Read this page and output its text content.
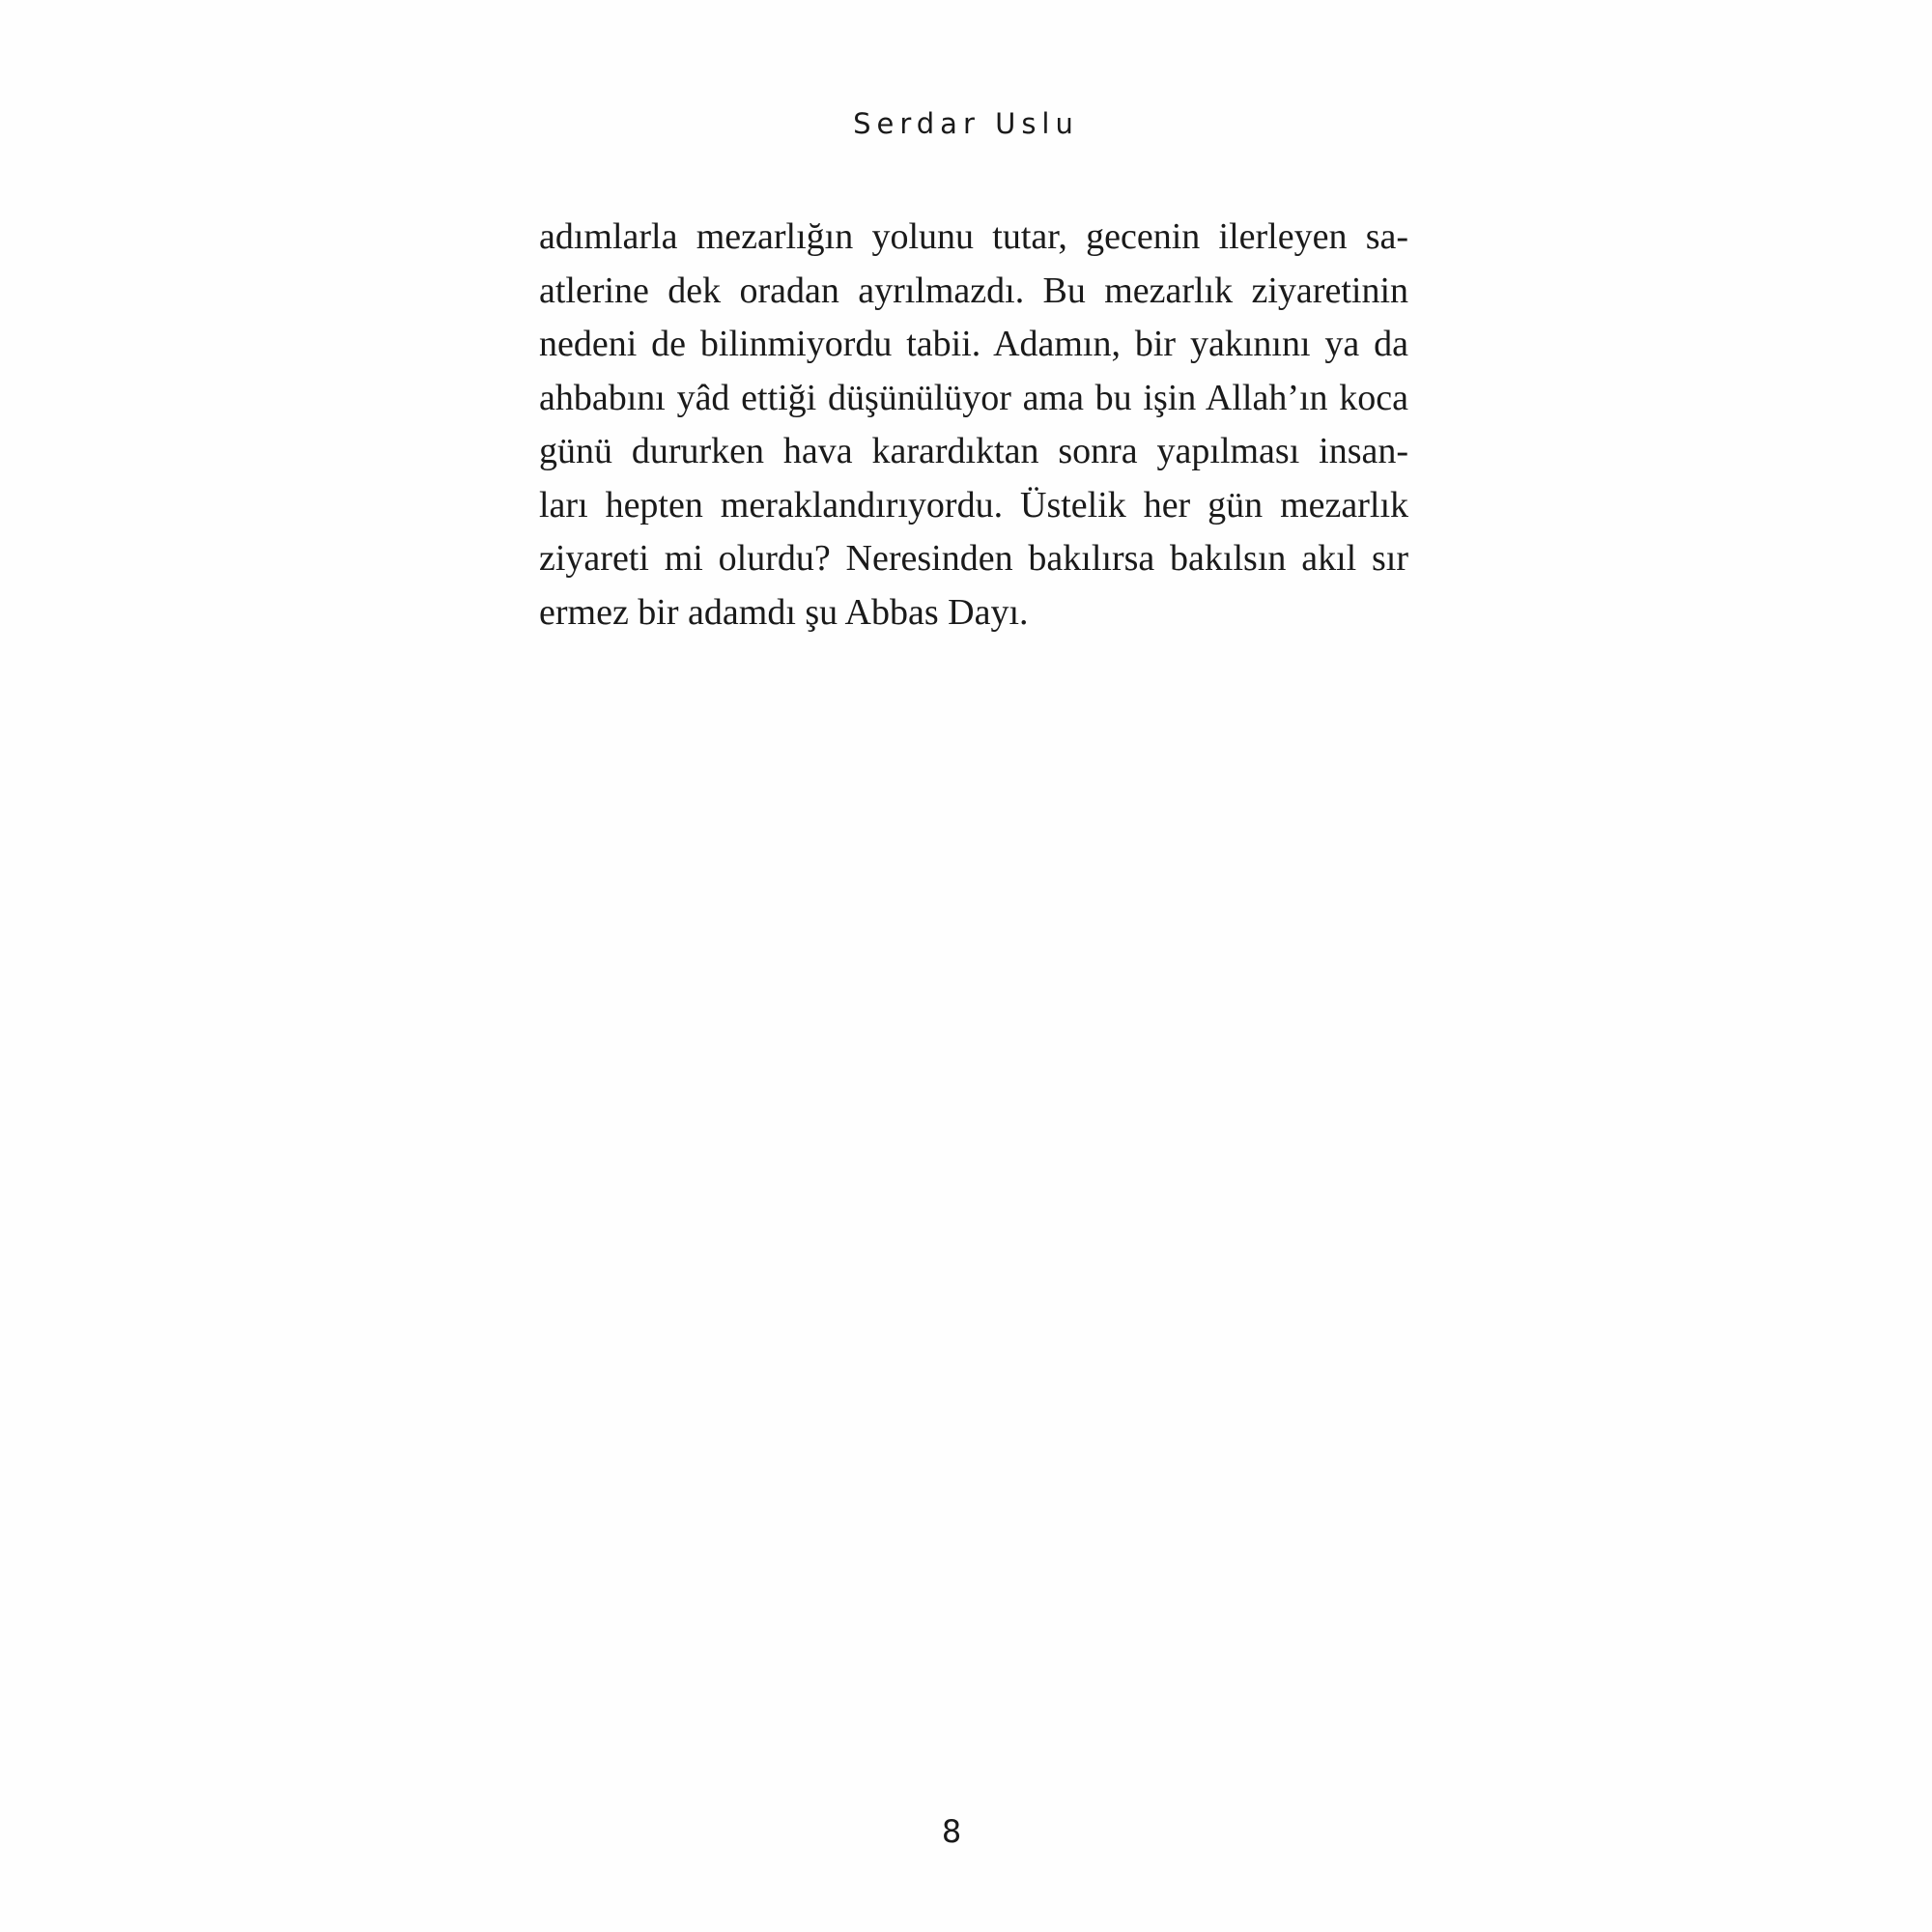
Serdar Uslu
adımlarla mezarlığın yolunu tutar, gecenin ilerleyen sa-
atlerine dek oradan ayrılmazdı. Bu mezarlık ziyaretinin
nedeni de bilinmiyordu tabii. Adamın, bir yakınını ya da
ahbabını yâd ettiği düşünülüyor ama bu işin Allah’ın koca
günü dururken hava karardıktan sonra yapılması insan-
ları hepten meraklandırıyordu. Üstelik her gün mezarlık
ziyareti mi olurdu? Neresinden bakılırsa bakılsın akıl sır
ermez bir adamdı şu Abbas Dayı.
8
